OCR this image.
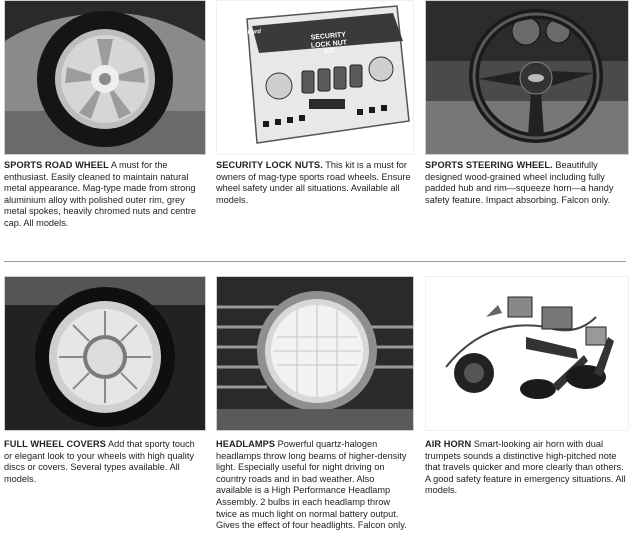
SPORTS ROAD WHEEL A must for the enthusiast. Easily cleaned to maintain natural metal appearance. Mag-type made from strong aluminium alloy with polished outer rim, grey metal spokes, heavily chromed nuts and centre cap. All models.
Ford	SECURITY
LOCK NUT
KIT
SECURITY LOCK NUTS. This kit is a must for owners of mag-type sports road wheels. Ensure wheel safety under all situations. Available all models.
SPORTS STEERING WHEEL. Beautifully designed wood-grained wheel including fully padded hub and rim—squeeze horn—a handy safety feature. Impact absorbing. Falcon only.
FULL WHEEL COVERS Add that sporty touch or elegant look to your wheels with high quality discs or covers. Several types available. All models.
HEADLAMPS Powerful quartz-halogen headlamps throw long beams of higher-density light. Especially useful for night driving on country roads and in bad weather. Also available is a High Performance Headlamp Assembly. 2 bulbs in each headlamp throw twice as much light on normal battery output. Gives the effect of four headlights. Falcon only.
AIR HORN Smart-looking air horn with dual trumpets sounds a distinctive high-pitched note that travels quicker and more clearly than others. A good safety feature in emergency situations. All models.
